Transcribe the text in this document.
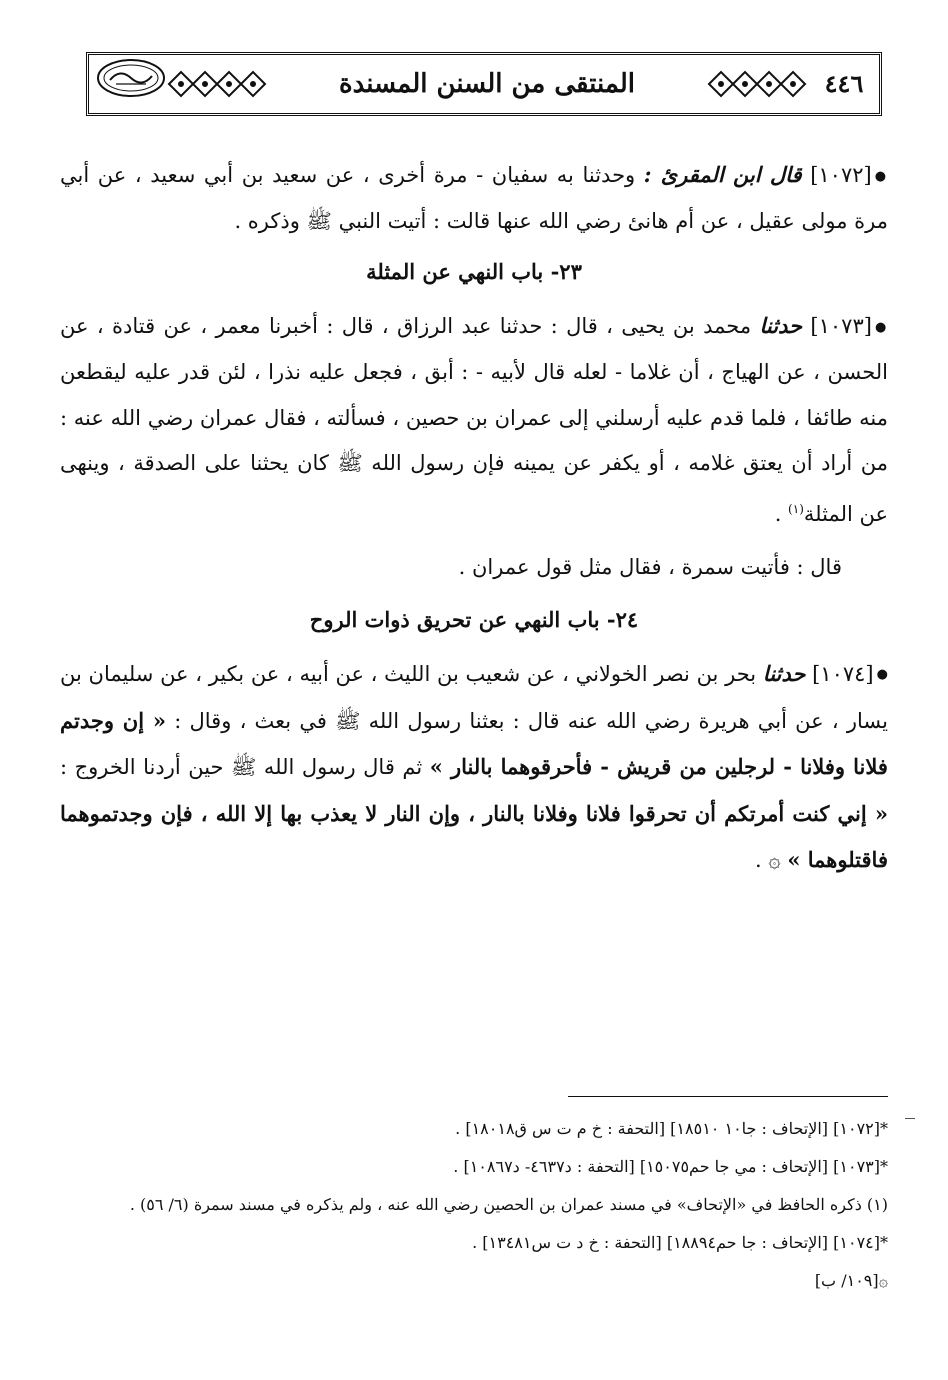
٤٤٦
المنتقى من السنن المسندة

●[١٠٧٢] قال ابن المقرئ : وحدثنا به سفيان - مرة أخرى ، عن سعيد بن أبي سعيد ، عن أبي مرة مولى عقيل ، عن أم هانئ رضي الله عنها قالت : أتيت النبي ﷺ وذكره .

٢٣- باب النهي عن المثلة

●[١٠٧٣] حدثنا محمد بن يحيى ، قال : حدثنا عبد الرزاق ، قال : أخبرنا معمر ، عن قتادة ، عن الحسن ، عن الهياج ، أن غلاما - لعله قال لأبيه - : أبق ، فجعل عليه نذرا ، لئن قدر عليه ليقطعن منه طائفا ، فلما قدم عليه أرسلني إلى عمران بن حصين ، فسألته ، فقال عمران رضي الله عنه : من أراد أن يعتق غلامه ، أو يكفر عن يمينه فإن رسول الله ﷺ كان يحثنا على الصدقة ، وينهى عن المثلة$^{(١)}$ .

قال : فأتيت سمرة ، فقال مثل قول عمران .

٢٤- باب النهي عن تحريق ذوات الروح

●[١٠٧٤] حدثنا بحر بن نصر الخولاني ، عن شعيب بن الليث ، عن أبيه ، عن بكير ، عن سليمان بن يسار ، عن أبي هريرة رضي الله عنه قال : بعثنا رسول الله ﷺ في بعث ، وقال : « إن وجدتم فلانا وفلانا - لرجلين من قريش - فأحرقوهما بالنار » ثم قال رسول الله ﷺ حين أردنا الخروج : « إني كنت أمرتكم أن تحرقوا فلانا وفلانا بالنار ، وإن النار لا يعذب بها إلا الله ، فإن وجدتموهما فاقتلوهما » ۞ .

*[١٠٧٢] [الإتحاف : جا١٠ ١٨٥١٠] [التحفة : خ م ت س ق١٨٠١٨] .

*[١٠٧٣] [الإتحاف : مي جا حم١٥٠٧٥] [التحفة : د٤٦٣٧- د١٠٨٦٧] .

(١) ذكره الحافظ في «الإتحاف» في مسند عمران بن الحصين رضي الله عنه ، ولم يذكره في مسند سمرة (٦/ ٥٦) .

*[١٠٧٤] [الإتحاف : جا حم١٨٨٩٤] [التحفة : خ د ت س١٣٤٨١] .

۞[١٠٩/ ب]
